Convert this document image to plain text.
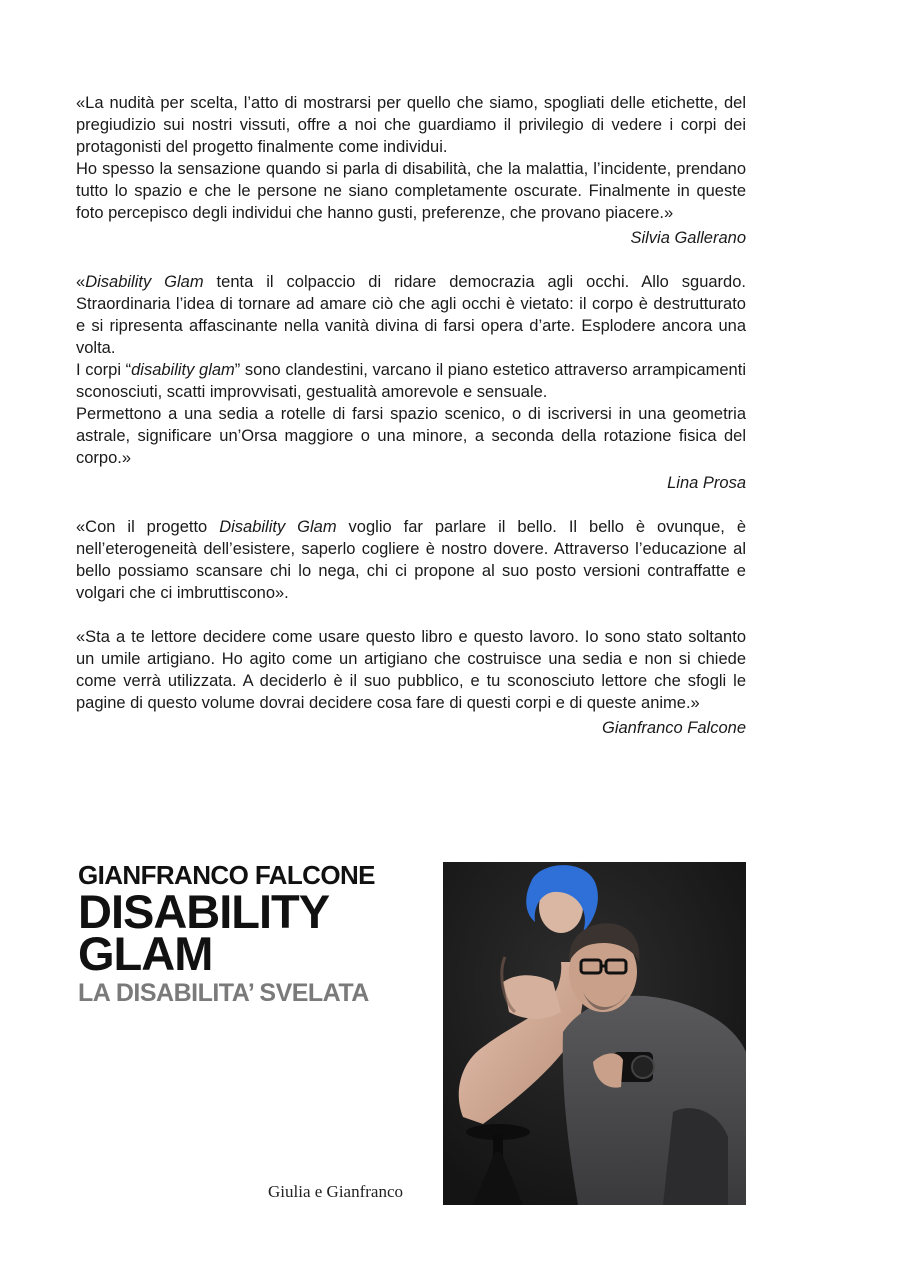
«La nudità per scelta, l’atto di mostrarsi per quello che siamo, spogliati delle etichette, del pregiudizio sui nostri vissuti, offre a noi che guardiamo il privilegio di vedere i corpi dei protagonisti del progetto finalmente come individui.

Ho spesso la sensazione quando si parla di disabilità, che la malattia, l’incidente, prendano tutto lo spazio e che le persone ne siano completamente oscurate. Finalmente in queste foto percepisco degli individui che hanno gusti, preferenze, che provano piacere.»

Silvia Gallerano

«Disability Glam tenta il colpaccio di ridare democrazia agli occhi. Allo sguardo. Straordinaria l’idea di tornare ad amare ciò che agli occhi è vietato: il corpo è destrutturato e si ripresenta affascinante nella vanità divina di farsi opera d’arte. Esplodere ancora una volta.

I corpi “disability glam” sono clandestini, varcano il piano estetico attraverso arrampicamenti sconosciuti, scatti improvvisati, gestualità amorevole e sensuale.

Permettono a una sedia a rotelle di farsi spazio scenico, o di iscriversi in una geometria astrale, significare un’Orsa maggiore o una minore, a seconda della rotazione fisica del corpo.»

Lina Prosa

«Con il progetto Disability Glam voglio far parlare il bello. Il bello è ovunque, è nell’eterogeneità dell’esistere, saperlo cogliere è nostro dovere. Attraverso l’educazione al bello possiamo scansare chi lo nega, chi ci propone al suo posto versioni contraffatte e volgari che ci imbruttiscono».

«Sta a te lettore decidere come usare questo libro e questo lavoro. Io sono stato soltanto un umile artigiano. Ho agito come un artigiano che costruisce una sedia e non si chiede come verrà utilizzata. A deciderlo è il suo pubblico, e tu sconosciuto lettore che sfogli le pagine di questo volume dovrai decidere cosa fare di questi corpi e di queste anime.»

Gianfranco Falcone

GIANFRANCO FALCONE
DISABILITY
GLAM
LA DISABILITA’ SVELATA
Giulia e Gianfranco
